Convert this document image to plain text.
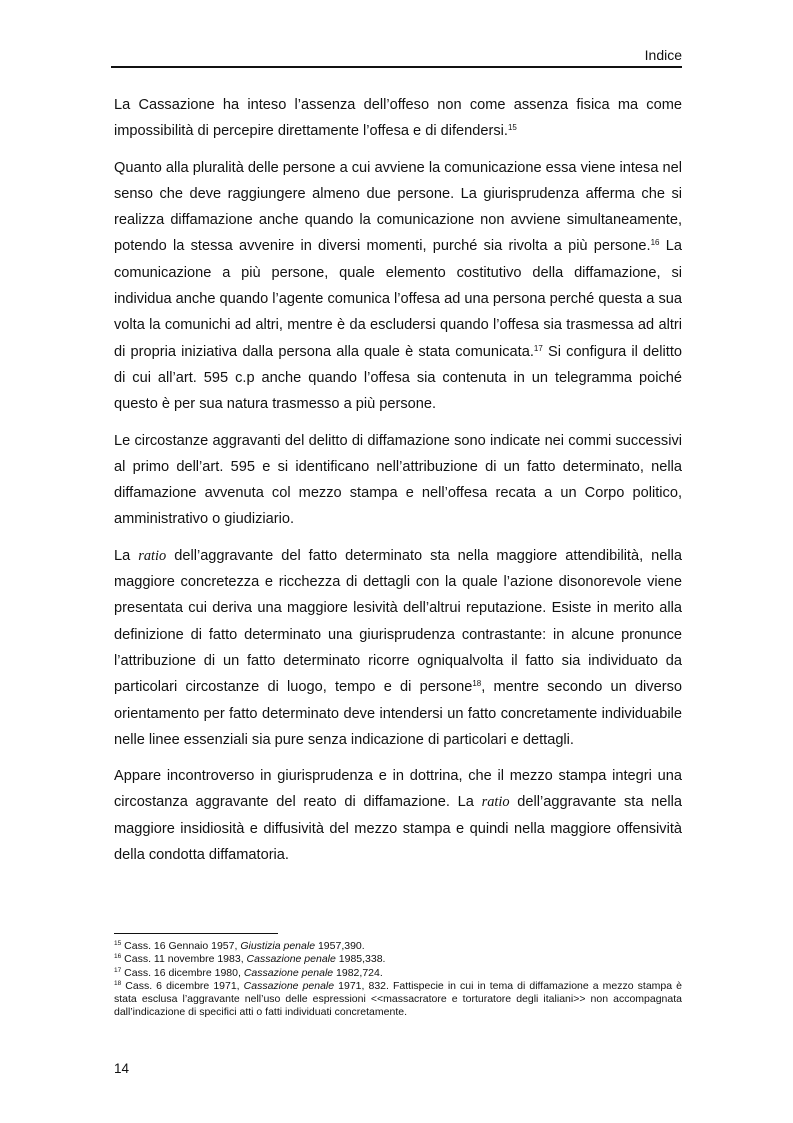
Indice

La Cassazione ha inteso l’assenza dell’offeso non come assenza fisica ma come impossibilità di percepire direttamente l’offesa e di difendersi.$^{15}$

Quanto alla pluralità delle persone a cui avviene la comunicazione essa viene intesa nel senso che deve raggiungere almeno due persone. La giurisprudenza afferma che si realizza diffamazione anche quando la comunicazione non avviene simultaneamente, potendo la stessa avvenire in diversi momenti, purché sia rivolta a più persone.$^{16}$ La comunicazione a più persone, quale elemento costitutivo della diffamazione, si individua anche quando l’agente comunica l’offesa ad una persona perché questa a sua volta la comunichi ad altri, mentre è da escludersi quando l’offesa sia trasmessa ad altri di propria iniziativa dalla persona alla quale è stata comunicata.$^{17}$ Si configura il delitto di cui all’art. 595 c.p anche quando l’offesa sia contenuta in un telegramma poiché questo è per sua natura trasmesso a più persone.

Le circostanze aggravanti del delitto di diffamazione sono indicate nei commi successivi al primo dell’art. 595 e si identificano nell’attribuzione di un fatto determinato, nella diffamazione avvenuta col mezzo stampa e nell’offesa recata a un Corpo politico, amministrativo o giudiziario.

La ratio dell’aggravante del fatto determinato sta nella maggiore attendibilità, nella maggiore concretezza e ricchezza di dettagli con la quale l’azione disonorevole viene presentata cui deriva una maggiore lesività dell’altrui reputazione. Esiste in merito alla definizione di fatto determinato una giurisprudenza contrastante: in alcune pronunce l’attribuzione di un fatto determinato ricorre ogniqualvolta il fatto sia individuato da particolari circostanze di luogo, tempo e di persone$^{18}$, mentre secondo un diverso orientamento per fatto determinato deve intendersi un fatto concretamente individuabile nelle linee essenziali sia pure senza indicazione di particolari e dettagli.

Appare incontroverso in giurisprudenza e in dottrina, che il mezzo stampa integri una circostanza aggravante del reato di diffamazione. La ratio dell’aggravante sta nella maggiore insidiosità e diffusività del mezzo stampa e quindi nella maggiore offensività della condotta diffamatoria.

$^{15}$ Cass. 16 Gennaio 1957, Giustizia penale 1957,390.

$^{16}$ Cass. 11 novembre 1983, Cassazione penale 1985,338.

$^{17}$ Cass. 16 dicembre 1980, Cassazione penale 1982,724.

$^{18}$ Cass. 6 dicembre 1971, Cassazione penale 1971, 832. Fattispecie in cui in tema di diffamazione a mezzo stampa è stata esclusa l’aggravante nell’uso delle espressioni <<massacratore e torturatore degli italiani>> non accompagnata dall’indicazione di specifici atti o fatti individuati concretamente.

14
